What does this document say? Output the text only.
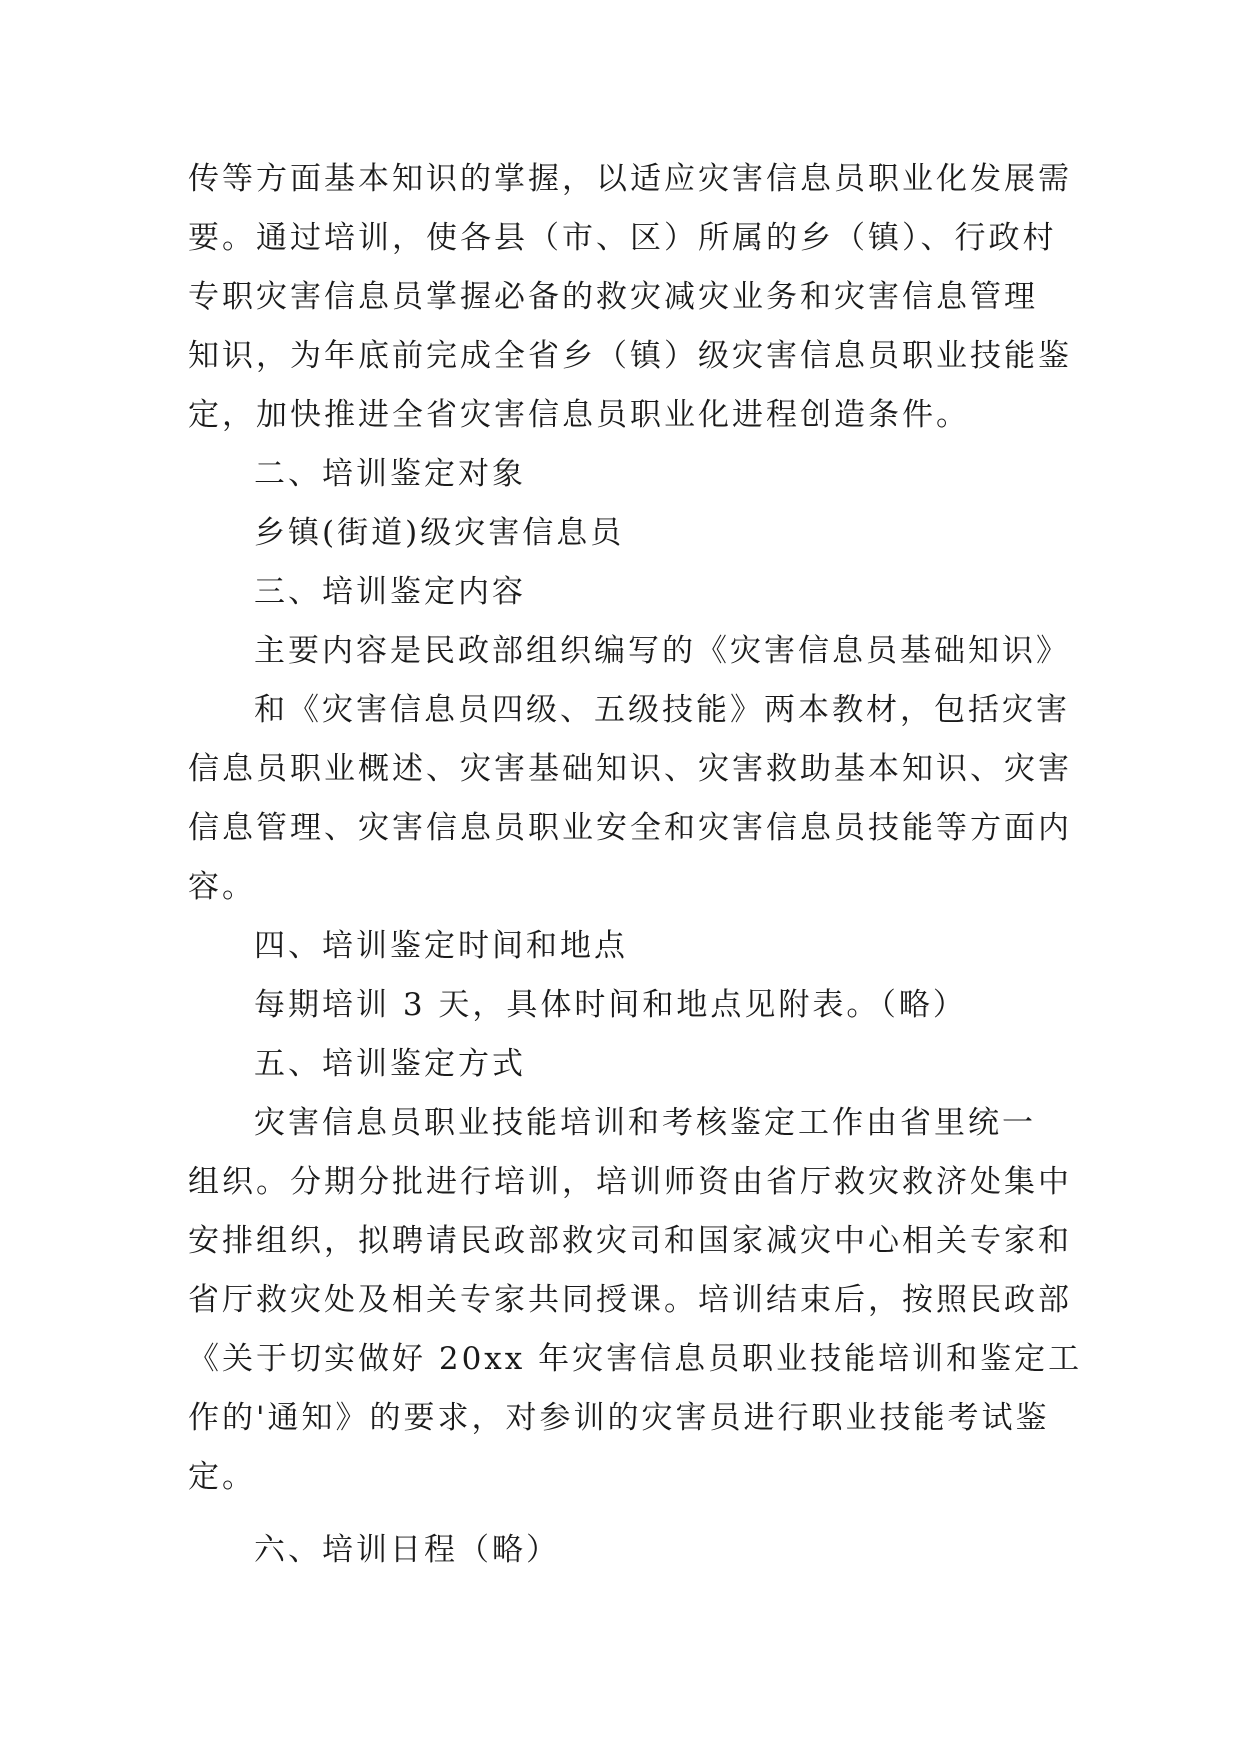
传等方面基本知识的掌握，以适应灾害信息员职业化发展需

要。通过培训，使各县（市、区）所属的乡（镇）、行政村

专职灾害信息员掌握必备的救灾减灾业务和灾害信息管理

知识，为年底前完成全省乡（镇）级灾害信息员职业技能鉴

定，加快推进全省灾害信息员职业化进程创造条件。

二、培训鉴定对象

乡镇(街道)级灾害信息员

三、培训鉴定内容

主要内容是民政部组织编写的《灾害信息员基础知识》

和《灾害信息员四级、五级技能》两本教材，包括灾害

信息员职业概述、灾害基础知识、灾害救助基本知识、灾害

信息管理、灾害信息员职业安全和灾害信息员技能等方面内

容。

四、培训鉴定时间和地点

每期培训 3 天，具体时间和地点见附表。（略）

五、培训鉴定方式

灾害信息员职业技能培训和考核鉴定工作由省里统一

组织。分期分批进行培训，培训师资由省厅救灾救济处集中

安排组织，拟聘请民政部救灾司和国家减灾中心相关专家和

省厅救灾处及相关专家共同授课。培训结束后，按照民政部

《关于切实做好 20xx 年灾害信息员职业技能培训和鉴定工

作的'通知》的要求，对参训的灾害员进行职业技能考试鉴

定。

六、培训日程（略）
